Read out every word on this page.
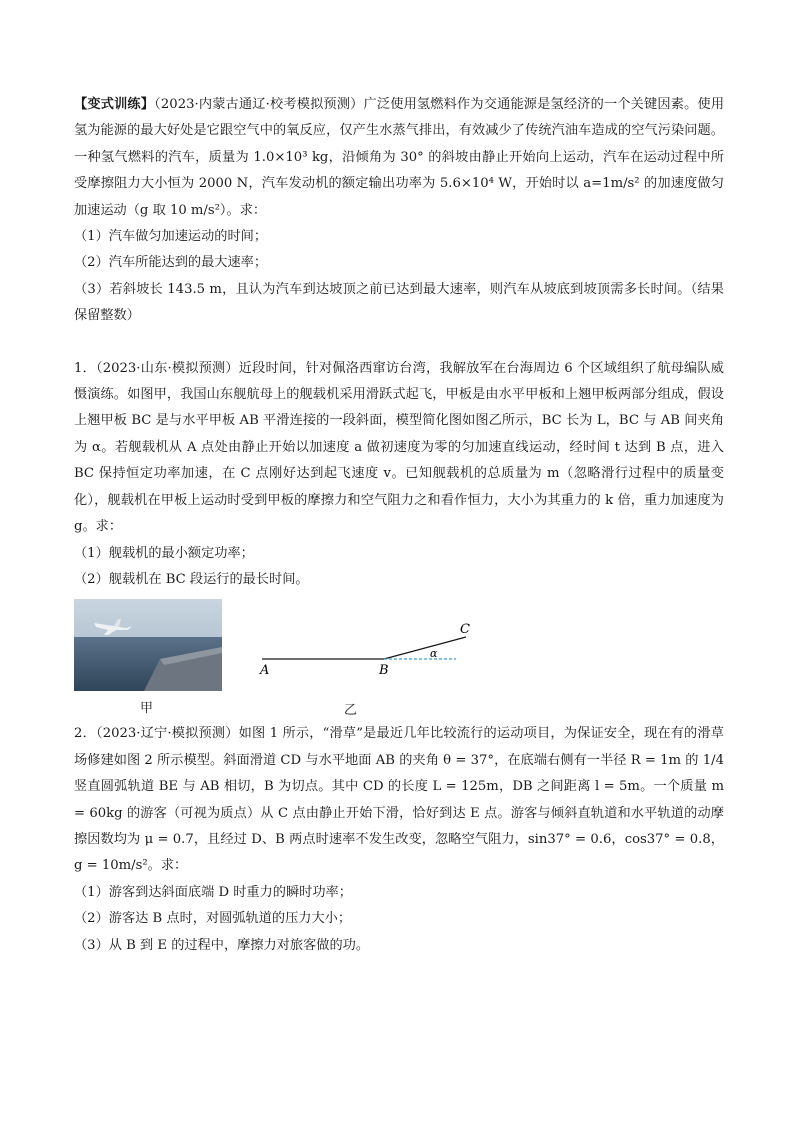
【变式训练】（2023·内蒙古通辽·校考模拟预测）广泛使用氢燃料作为交通能源是氢经济的一个关键因素。使用氢为能源的最大好处是它跟空气中的氧反应，仅产生水蒸气排出，有效减少了传统汽油车造成的空气污染问题。一种氢气燃料的汽车，质量为 1.0×10³ kg，沿倾角为 30° 的斜坡由静止开始向上运动，汽车在运动过程中所受摩擦阻力大小恒为 2000 N，汽车发动机的额定输出功率为 5.6×10⁴ W，开始时以 a=1m/s² 的加速度做匀加速运动（g 取 10 m/s²）。求：

（1）汽车做匀加速运动的时间；

（2）汽车所能达到的最大速率；

（3）若斜坡长 143.5 m，且认为汽车到达坡顶之前已达到最大速率，则汽车从坡底到坡顶需多长时间。（结果保留整数）

1．（2023·山东·模拟预测）近段时间，针对佩洛西窜访台湾，我解放军在台海周边 6 个区域组织了航母编队威慑演练。如图甲，我国山东舰航母上的舰载机采用滑跃式起飞，甲板是由水平甲板和上翘甲板两部分组成，假设上翘甲板 BC 是与水平甲板 AB 平滑连接的一段斜面，模型简化图如图乙所示，BC 长为 L，BC 与 AB 间夹角为 α。若舰载机从 A 点处由静止开始以加速度 a 做初速度为零的匀加速直线运动，经时间 t 达到 B 点，进入 BC 保持恒定功率加速，在 C 点刚好达到起飞速度 v。已知舰载机的总质量为 m（忽略滑行过程中的质量变化），舰载机在甲板上运动时受到甲板的摩擦力和空气阻力之和看作恒力，大小为其重力的 k 倍，重力加速度为 g。求：

（1）舰载机的最小额定功率；

（2）舰载机在 BC 段运行的最长时间。

甲
A	B
C
α
乙

2．（2023·辽宁·模拟预测）如图 1 所示，“滑草”是最近几年比较流行的运动项目，为保证安全，现在有的滑草场修建如图 2 所示模型。斜面滑道 CD 与水平地面 AB 的夹角 θ = 37°，在底端右侧有一半径 R = 1m 的 1/4 竖直圆弧轨道 BE 与 AB 相切，B 为切点。其中 CD 的长度 L = 125m，DB 之间距离 l = 5m。一个质量 m = 60kg 的游客（可视为质点）从 C 点由静止开始下滑，恰好到达 E 点。游客与倾斜直轨道和水平轨道的动摩擦因数均为 μ = 0.7，且经过 D、B 两点时速率不发生改变，忽略空气阻力，sin37° = 0.6，cos37° = 0.8，g = 10m/s²。求：

（1）游客到达斜面底端 D 时重力的瞬时功率；

（2）游客达 B 点时，对圆弧轨道的压力大小；

（3）从 B 到 E 的过程中，摩擦力对旅客做的功。
